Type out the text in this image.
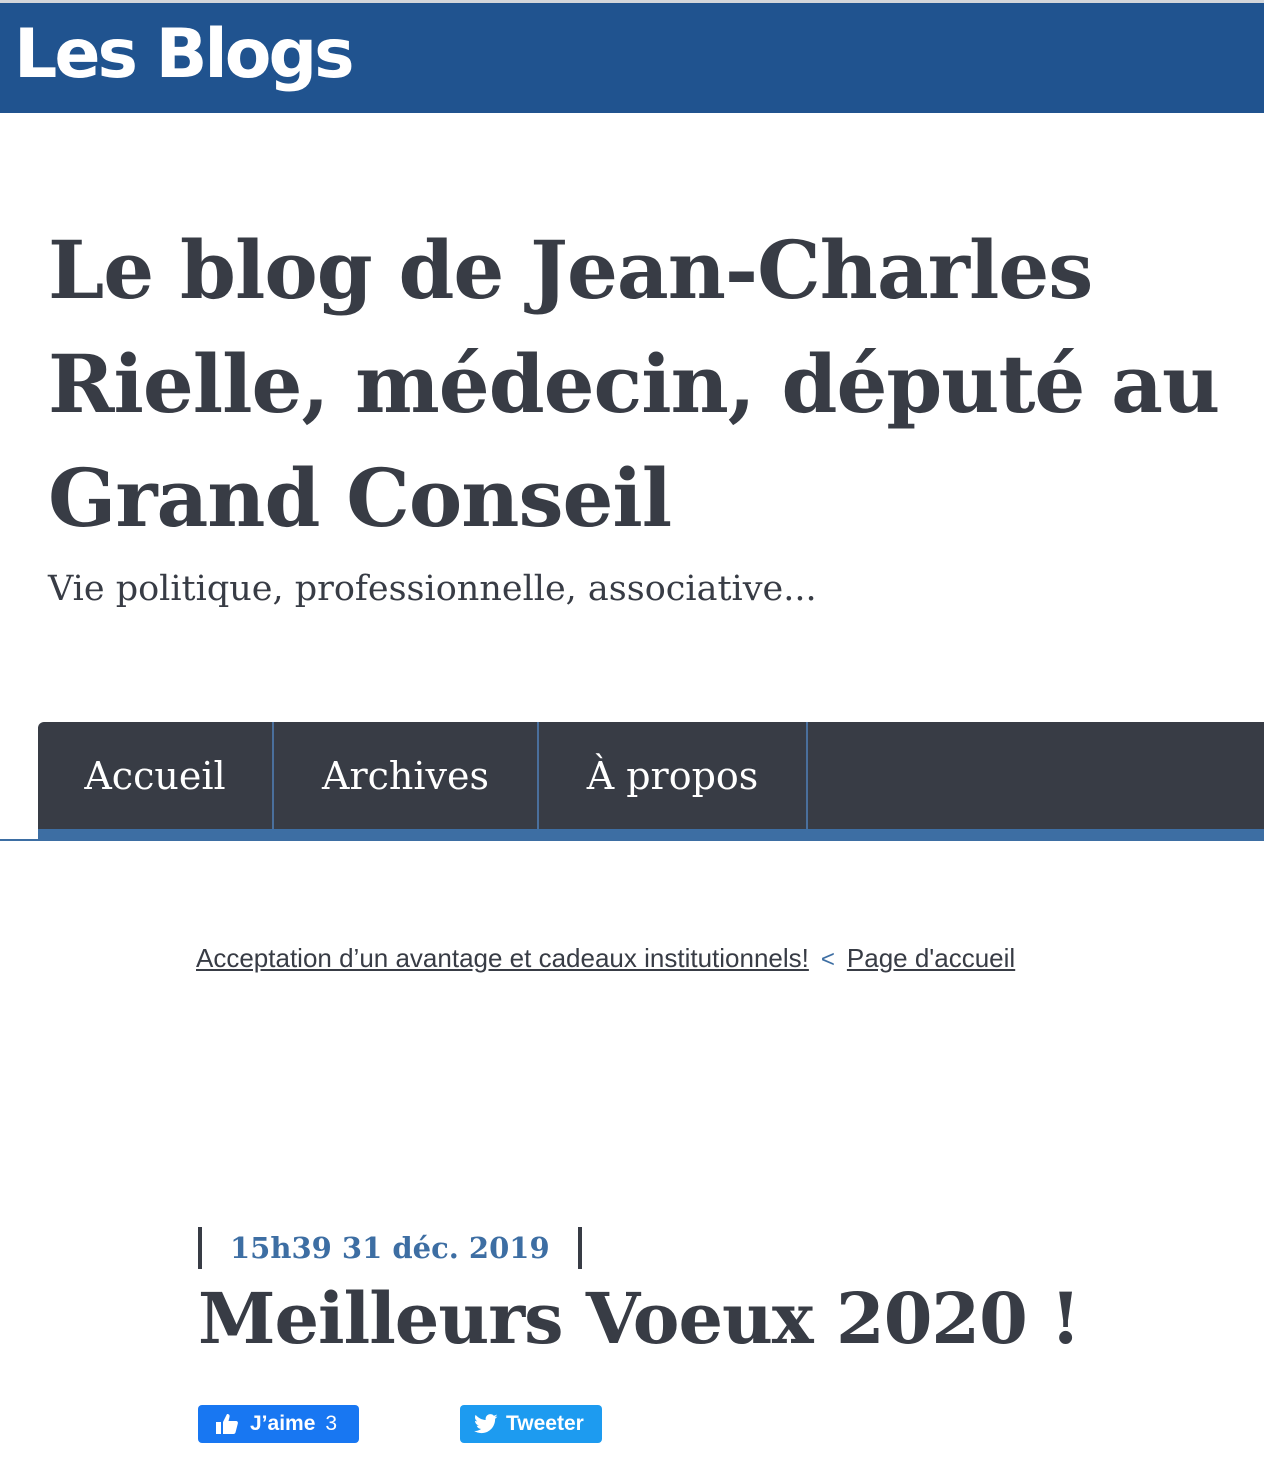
Les Blogs
Le blog de Jean-Charles Rielle, médecin, député au Grand Conseil
Vie politique, professionnelle, associative...
Accueil	Archives	À propos
Acceptation d’un avantage et cadeaux institutionnels! < Page d'accueil
15h39 31 déc. 2019
Meilleurs Voeux 2020 !
J’aime 3	Tweeter
